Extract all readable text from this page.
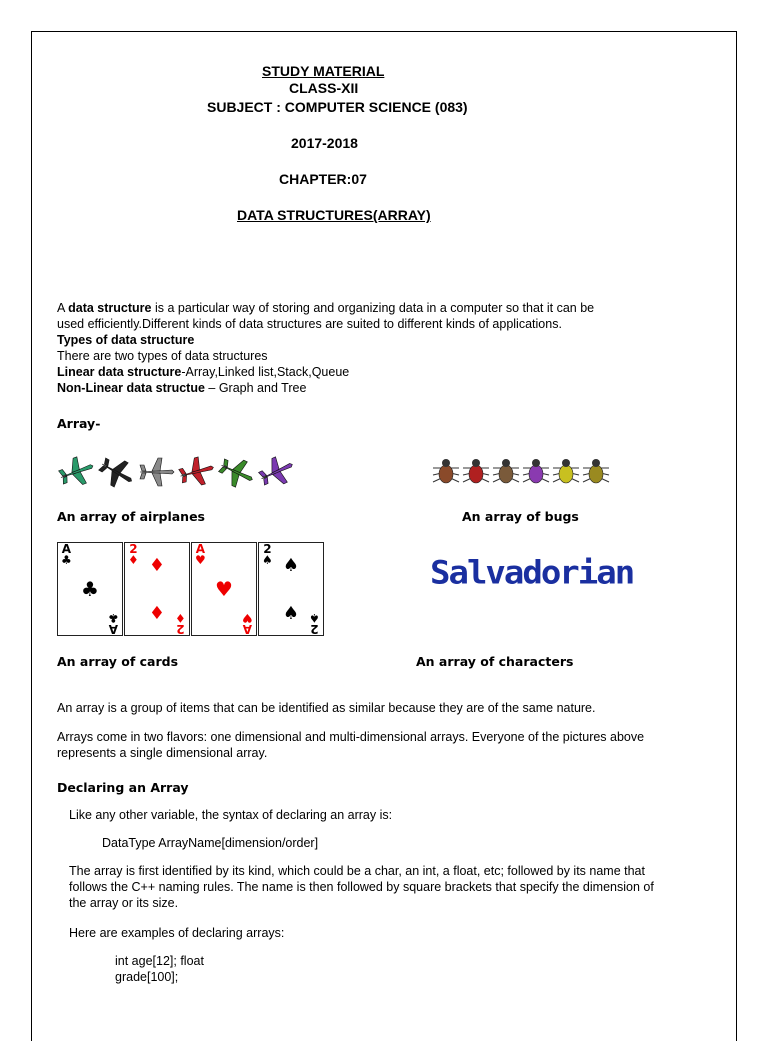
STUDY MATERIAL
CLASS-XII
SUBJECT : COMPUTER SCIENCE (083)
2017-2018
CHAPTER:07
DATA STRUCTURES(ARRAY)
A data structure is a particular way of storing and organizing data in a computer so that it can be
used efficiently.Different kinds of data structures are suited to different kinds of applications.
Types of data structure
There are two types of data structures
Linear data structure-Array,Linked list,Stack,Queue
Non-Linear data structue – Graph and Tree
Array-
An array of airplanes	An array of bugs
A
♣
A
♣
♣
2
♦
2
♦
♦
♦
A
♥
A
♥
♥
2
♠
2
♠
♠
♠
Salvadorian
An array of cards	An array of characters
An array is a group of items that can be identified as similar because they are of the same nature.
Arrays come in two flavors: one dimensional and multi-dimensional arrays. Everyone of the pictures above
represents a single dimensional array.
Declaring an Array
Like any other variable, the syntax of declaring an array is:
DataType ArrayName[dimension/order]
The array is first identified by its kind, which could be a char, an int, a float, etc; followed by its name that
follows the C++ naming rules. The name is then followed by square brackets that specify the dimension of
the array or its size.
Here are examples of declaring arrays:
int age[12]; float
grade[100];
